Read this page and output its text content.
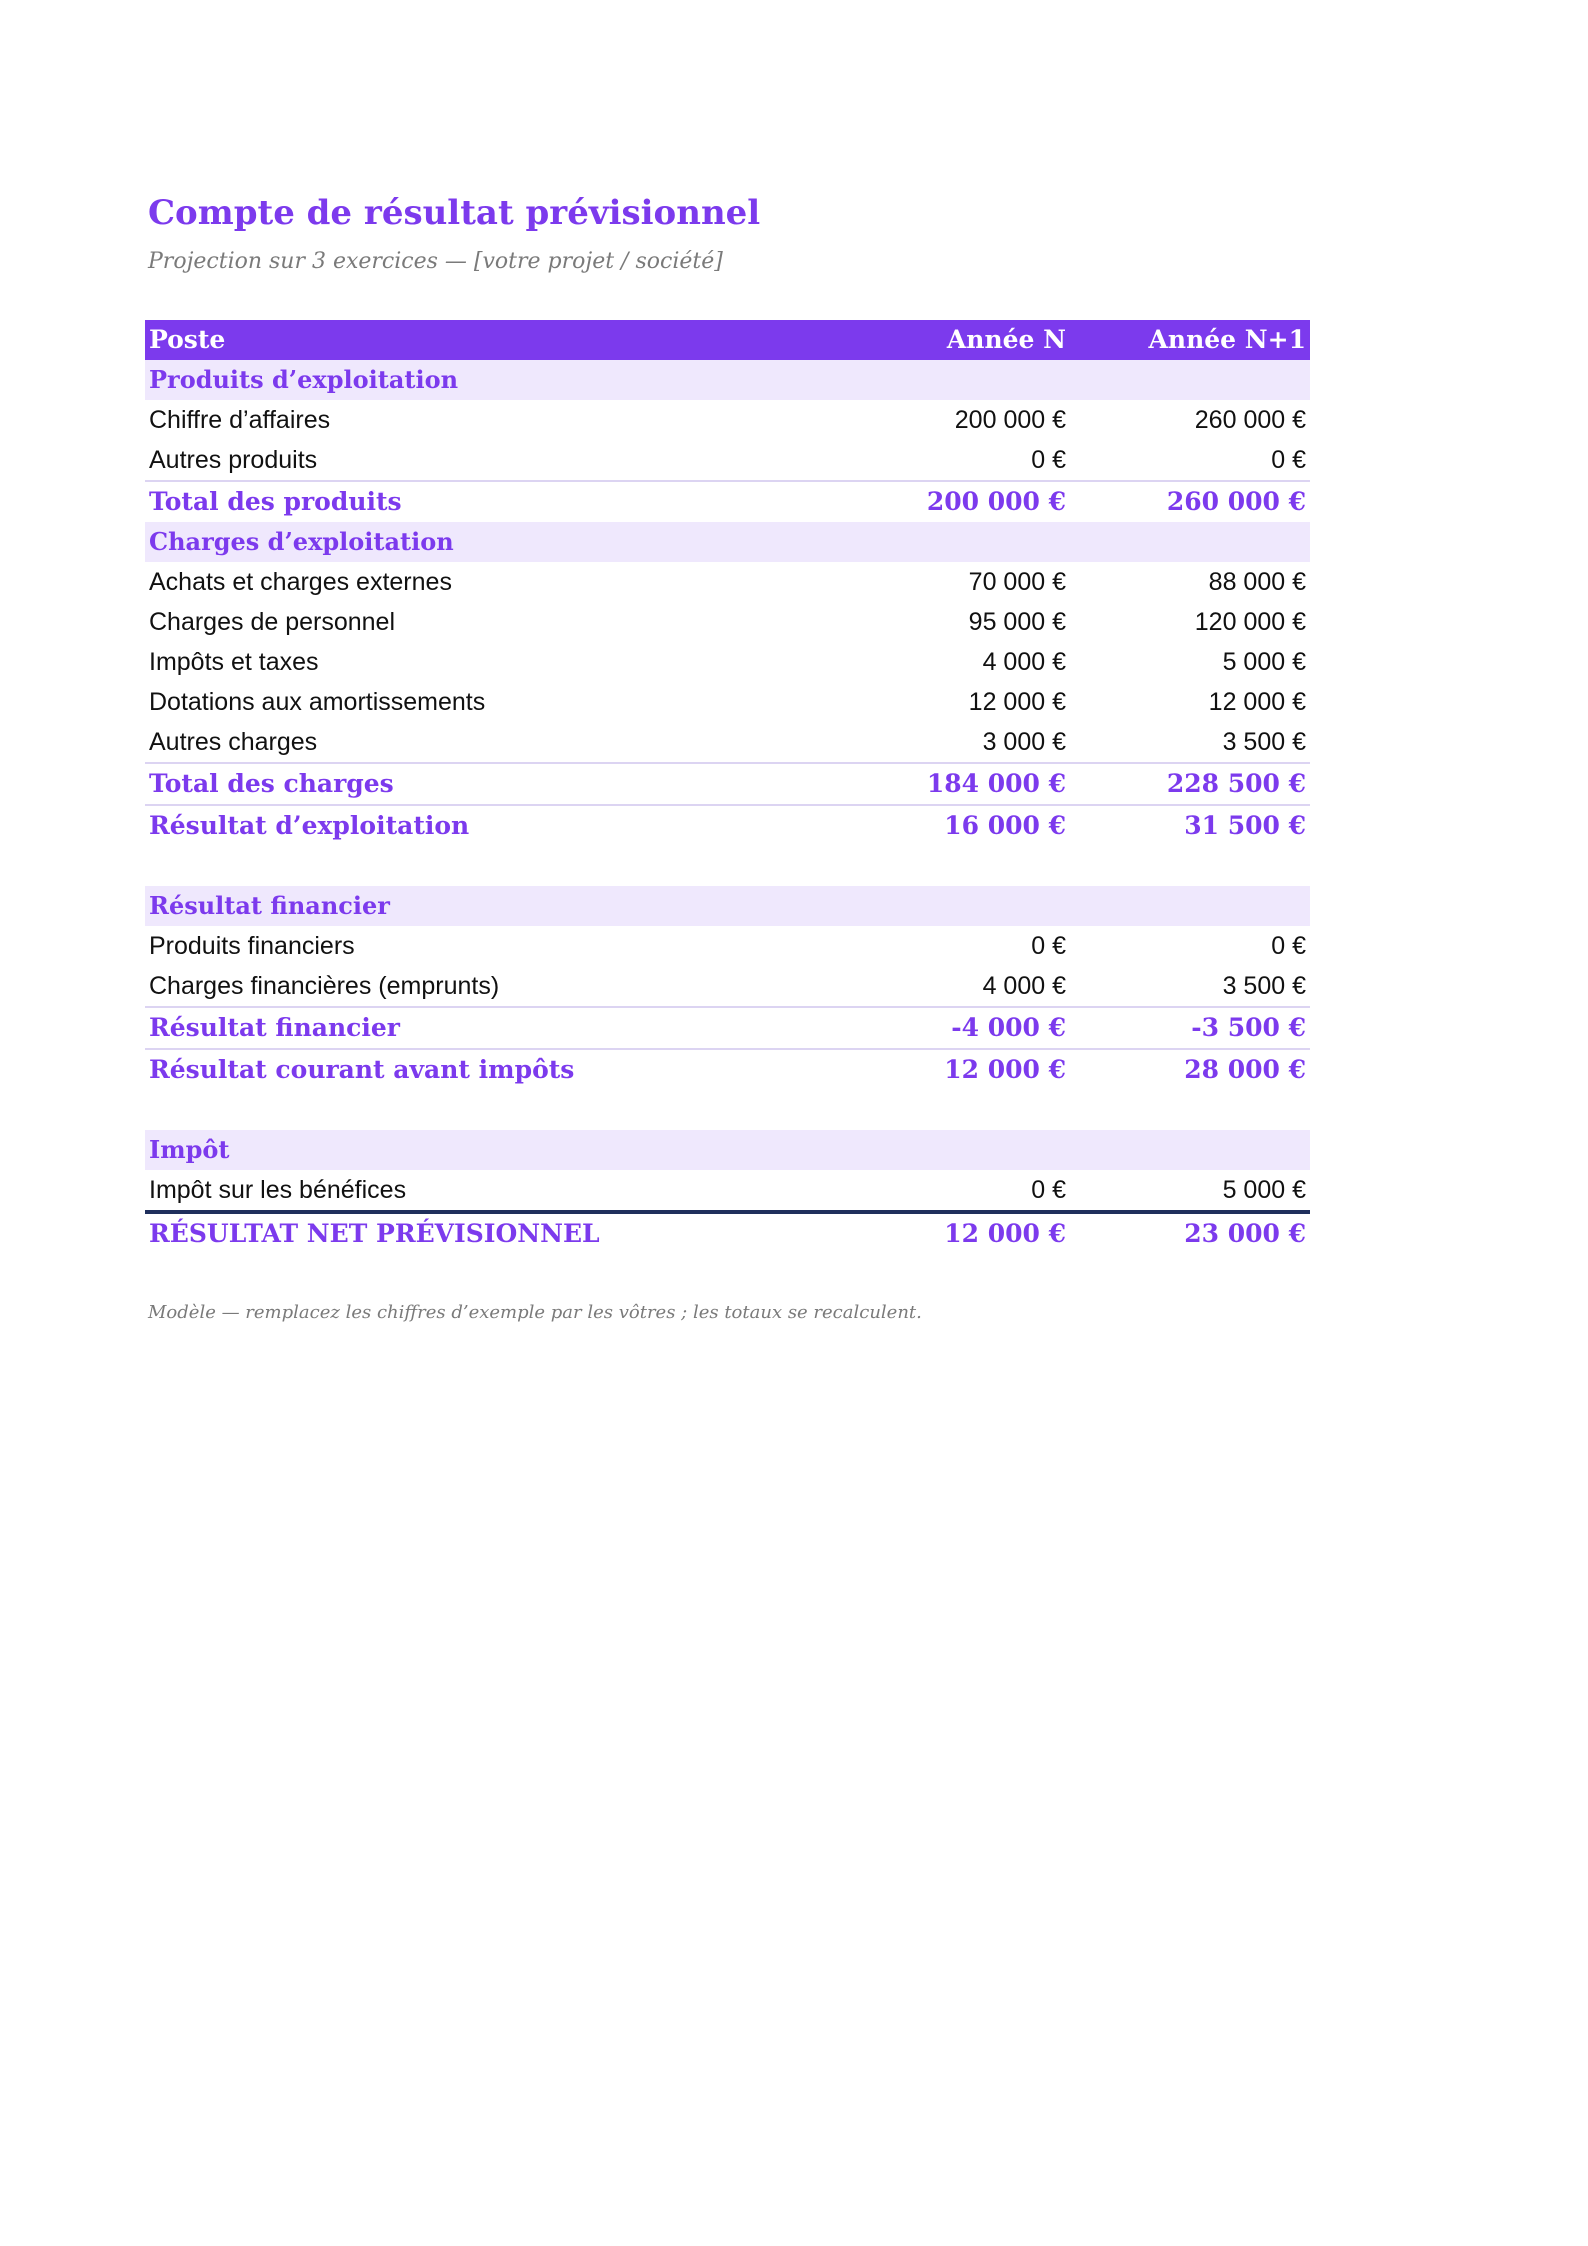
Compte de résultat prévisionnel

Projection sur 3 exercices — [votre projet / société]

Poste	Année N	Année N+1
Produits d’exploitation		
Chiffre d’affaires	200 000 €	260 000 €
Autres produits	0 €	0 €
Total des produits	200 000 €	260 000 €
Charges d’exploitation		
Achats et charges externes	70 000 €	88 000 €
Charges de personnel	95 000 €	120 000 €
Impôts et taxes	4 000 €	5 000 €
Dotations aux amortissements	12 000 €	12 000 €
Autres charges	3 000 €	3 500 €
Total des charges	184 000 €	228 500 €
Résultat d’exploitation	16 000 €	31 500 €

Résultat financier		
Produits financiers	0 €	0 €
Charges financières (emprunts)	4 000 €	3 500 €
Résultat financier	-4 000 €	-3 500 €
Résultat courant avant impôts	12 000 €	28 000 €

Impôt		
Impôt sur les bénéfices	0 €	5 000 €
RÉSULTAT NET PRÉVISIONNEL	12 000 €	23 000 €

Modèle — remplacez les chiffres d’exemple par les vôtres ; les totaux se recalculent.
